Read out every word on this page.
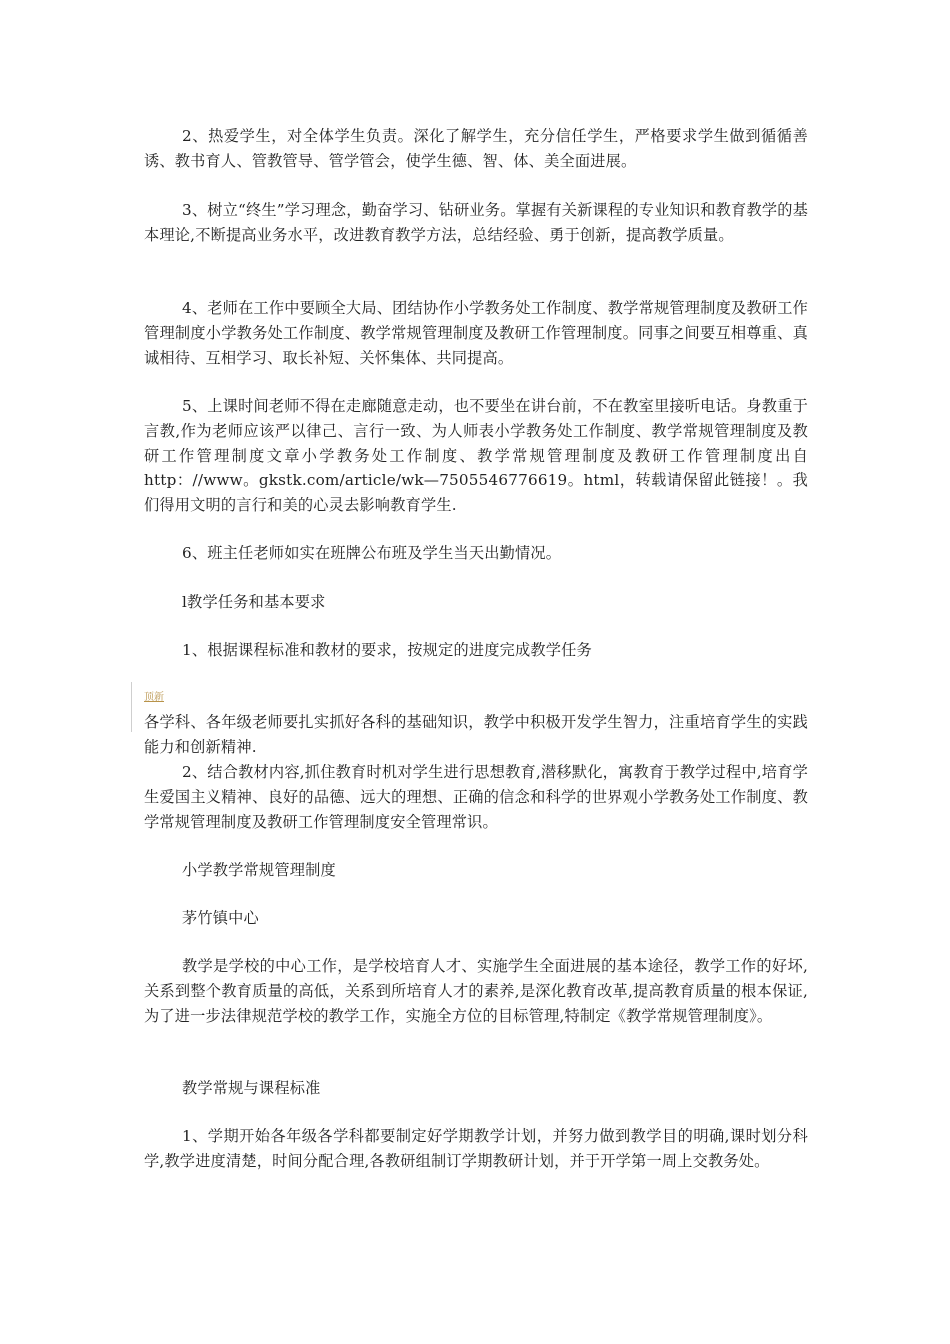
2、热爱学生，对全体学生负责。深化了解学生，充分信任学生，严格要求学生做到循循善诱、教书育人、管教管导、管学管会，使学生德、智、体、美全面进展。

3、树立“终生”学习理念，勤奋学习、钻研业务。掌握有关新课程的专业知识和教育教学的基本理论,不断提高业务水平，改进教育教学方法，总结经验、勇于创新，提高教学质量。

4、老师在工作中要顾全大局、团结协作小学教务处工作制度、教学常规管理制度及教研工作管理制度小学教务处工作制度、教学常规管理制度及教研工作管理制度。同事之间要互相尊重、真诚相待、互相学习、取长补短、关怀集体、共同提高。

5、上课时间老师不得在走廊随意走动，也不要坐在讲台前，不在教室里接听电话。身教重于言教,作为老师应该严以律己、言行一致、为人师表小学教务处工作制度、教学常规管理制度及教研工作管理制度文章小学教务处工作制度、教学常规管理制度及教研工作管理制度出自http：//www。gkstk.com/article/wk—7505546776619。html，转载请保留此链接！。我们得用文明的言行和美的心灵去影响教育学生.

6、班主任老师如实在班牌公布班及学生当天出勤情况。

l教学任务和基本要求

1、根据课程标准和教材的要求，按规定的进度完成教学任务

顶新

各学科、各年级老师要扎实抓好各科的基础知识，教学中积极开发学生智力，注重培育学生的实践能力和创新精神.

2、结合教材内容,抓住教育时机对学生进行思想教育,潜移默化，寓教育于教学过程中,培育学生爱国主义精神、良好的品德、远大的理想、正确的信念和科学的世界观小学教务处工作制度、教学常规管理制度及教研工作管理制度安全管理常识。

小学教学常规管理制度

茅竹镇中心

教学是学校的中心工作，是学校培育人才、实施学生全面进展的基本途径，教学工作的好坏,关系到整个教育质量的高低，关系到所培育人才的素养,是深化教育改革,提高教育质量的根本保证,为了进一步法律规范学校的教学工作，实施全方位的目标管理,特制定《教学常规管理制度》。

教学常规与课程标准

1、学期开始各年级各学科都要制定好学期教学计划，并努力做到教学目的明确,课时划分科学,教学进度清楚，时间分配合理,各教研组制订学期教研计划，并于开学第一周上交教务处。
